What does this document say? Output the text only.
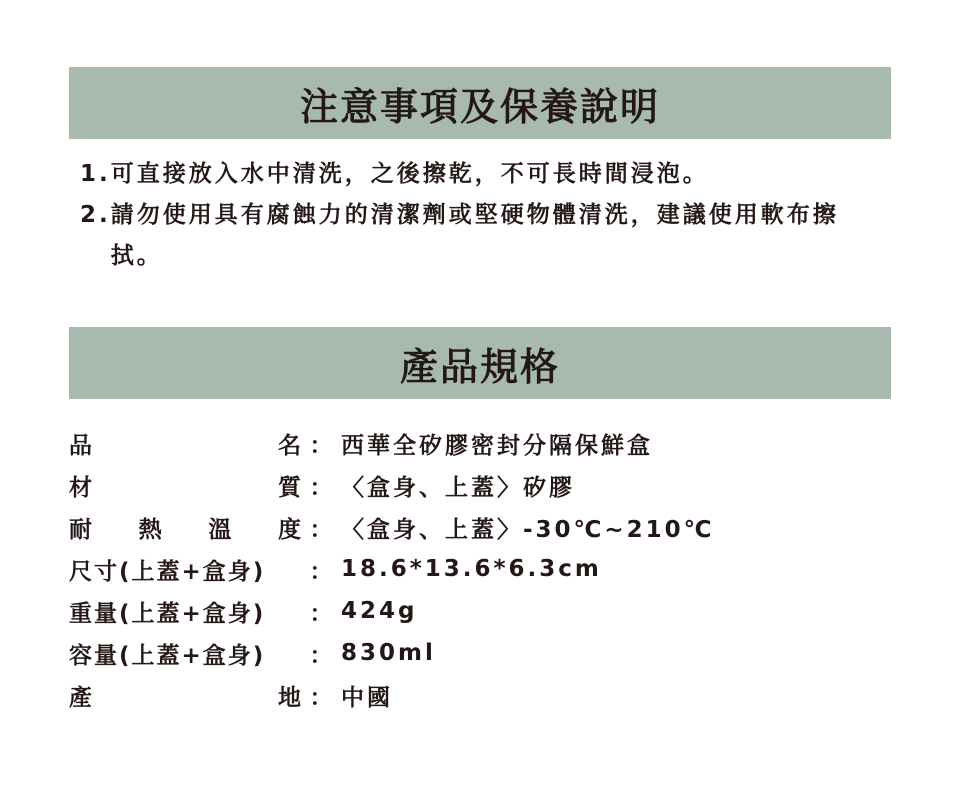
注意事項及保養說明
1. 可直接放入水中清洗，之後擦乾，不可長時間浸泡。
2. 請勿使用具有腐蝕力的清潔劑或堅硬物體清洗，建議使用軟布擦拭。
產品規格
品	名 ： 西華全矽膠密封分隔保鮮盒
材	質 ： 〈盒身、上蓋〉矽膠
耐 熱 溫 度 ： 〈盒身、上蓋〉-30℃~210℃
尺寸(上蓋+盒身)	： 18.6*13.6*6.3cm
重量(上蓋+盒身)	： 424g
容量(上蓋+盒身)	： 830ml
產	地 ： 中國
